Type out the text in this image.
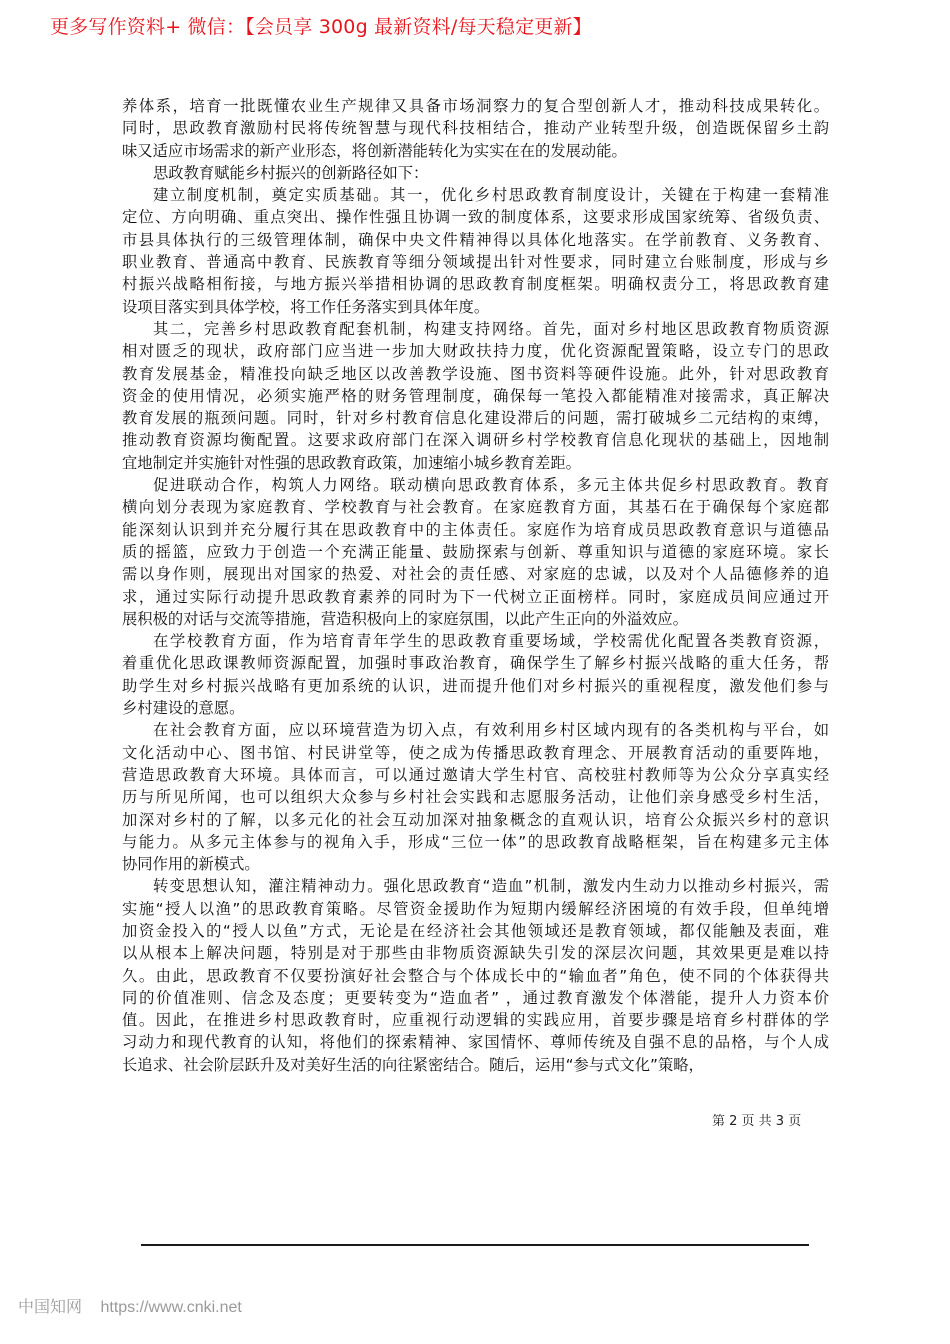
更多写作资料+ 微信：【会员享 300g 最新资料/每天稳定更新】
养体系，培育一批既懂农业生产规律又具备市场洞察力的复合型创新人才，推动科技成果转化。
同时，思政教育激励村民将传统智慧与现代科技相结合，推动产业转型升级，创造既保留乡土韵
味又适应市场需求的新产业形态，将创新潜能转化为实实在在的发展动能。
思政教育赋能乡村振兴的创新路径如下：
建立制度机制，奠定实质基础。其一，优化乡村思政教育制度设计，关键在于构建一套精准
定位、方向明确、重点突出、操作性强且协调一致的制度体系，这要求形成国家统筹、省级负责、
市县具体执行的三级管理体制，确保中央文件精神得以具体化地落实。在学前教育、义务教育、
职业教育、普通高中教育、民族教育等细分领域提出针对性要求，同时建立台账制度，形成与乡
村振兴战略相衔接，与地方振兴举措相协调的思政教育制度框架。明确权责分工，将思政教育建
设项目落实到具体学校，将工作任务落实到具体年度。
其二，完善乡村思政教育配套机制，构建支持网络。首先，面对乡村地区思政教育物质资源
相对匮乏的现状，政府部门应当进一步加大财政扶持力度，优化资源配置策略，设立专门的思政
教育发展基金，精准投向缺乏地区以改善教学设施、图书资料等硬件设施。此外，针对思政教育
资金的使用情况，必须实施严格的财务管理制度，确保每一笔投入都能精准对接需求，真正解决
教育发展的瓶颈问题。同时，针对乡村教育信息化建设滞后的问题，需打破城乡二元结构的束缚，
推动教育资源均衡配置。这要求政府部门在深入调研乡村学校教育信息化现状的基础上，因地制
宜地制定并实施针对性强的思政教育政策，加速缩小城乡教育差距。
促进联动合作，构筑人力网络。联动横向思政教育体系，多元主体共促乡村思政教育。教育
横向划分表现为家庭教育、学校教育与社会教育。在家庭教育方面，其基石在于确保每个家庭都
能深刻认识到并充分履行其在思政教育中的主体责任。家庭作为培育成员思政教育意识与道德品
质的摇篮，应致力于创造一个充满正能量、鼓励探索与创新、尊重知识与道德的家庭环境。家长
需以身作则，展现出对国家的热爱、对社会的责任感、对家庭的忠诚，以及对个人品德修养的追
求，通过实际行动提升思政教育素养的同时为下一代树立正面榜样。同时，家庭成员间应通过开
展积极的对话与交流等措施，营造积极向上的家庭氛围，以此产生正向的外溢效应。
在学校教育方面，作为培育青年学生的思政教育重要场域，学校需优化配置各类教育资源，
着重优化思政课教师资源配置，加强时事政治教育，确保学生了解乡村振兴战略的重大任务，帮
助学生对乡村振兴战略有更加系统的认识，进而提升他们对乡村振兴的重视程度，激发他们参与
乡村建设的意愿。
在社会教育方面，应以环境营造为切入点，有效利用乡村区域内现有的各类机构与平台，如
文化活动中心、图书馆、村民讲堂等，使之成为传播思政教育理念、开展教育活动的重要阵地，
营造思政教育大环境。具体而言，可以通过邀请大学生村官、高校驻村教师等为公众分享真实经
历与所见所闻，也可以组织大众参与乡村社会实践和志愿服务活动，让他们亲身感受乡村生活，
加深对乡村的了解，以多元化的社会互动加深对抽象概念的直观认识，培育公众振兴乡村的意识
与能力。从多元主体参与的视角入手，形成“三位一体”的思政教育战略框架，旨在构建多元主体
协同作用的新模式。
转变思想认知，灌注精神动力。强化思政教育“造血”机制，激发内生动力以推动乡村振兴，需
实施“授人以渔”的思政教育策略。尽管资金援助作为短期内缓解经济困境的有效手段，但单纯增
加资金投入的“授人以鱼”方式，无论是在经济社会其他领域还是教育领域，都仅能触及表面，难
以从根本上解决问题，特别是对于那些由非物质资源缺失引发的深层次问题，其效果更是难以持
久。由此，思政教育不仅要扮演好社会整合与个体成长中的“输血者”角色，使不同的个体获得共
同的价值准则、信念及态度；更要转变为“造血者” ，通过教育激发个体潜能，提升人力资本价
值。因此，在推进乡村思政教育时，应重视行动逻辑的实践应用，首要步骤是培育乡村群体的学
习动力和现代教育的认知，将他们的探索精神、家国情怀、尊师传统及自强不息的品格，与个人成
长追求、社会阶层跃升及对美好生活的向往紧密结合。随后，运用“参与式文化”策略，
第 2 页 共 3 页
中国知网 https://www.cnki.net
